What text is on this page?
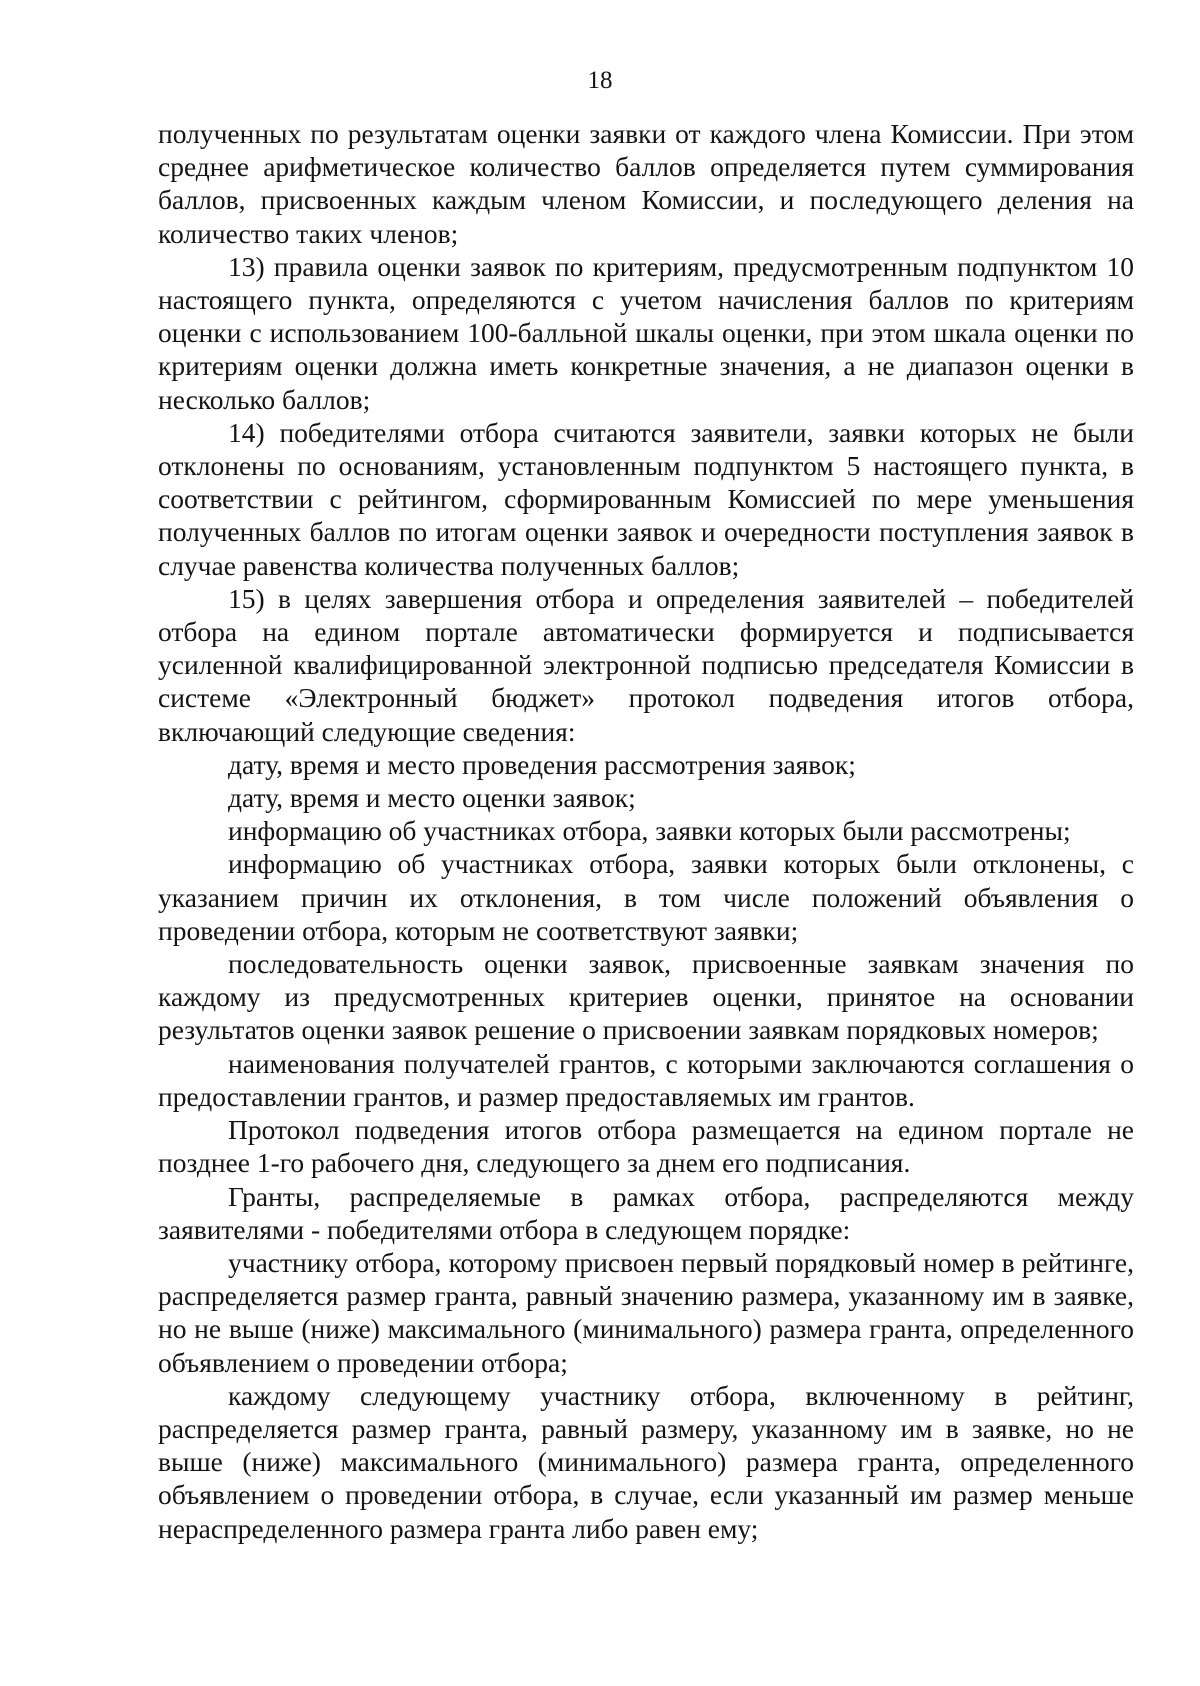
18

полученных по результатам оценки заявки от каждого члена Комиссии. При этом среднее арифметическое количество баллов определяется путем суммирования баллов, присвоенных каждым членом Комиссии, и последующего деления на количество таких членов;

13) правила оценки заявок по критериям, предусмотренным подпунктом 10 настоящего пункта, определяются с учетом начисления баллов по критериям оценки с использованием 100-балльной шкалы оценки, при этом шкала оценки по критериям оценки должна иметь конкретные значения, а не диапазон оценки в несколько баллов;

14) победителями отбора считаются заявители, заявки которых не были отклонены по основаниям, установленным подпунктом 5 настоящего пункта, в соответствии с рейтингом, сформированным Комиссией по мере уменьшения полученных баллов по итогам оценки заявок и очередности поступления заявок в случае равенства количества полученных баллов;

15) в целях завершения отбора и определения заявителей – победителей отбора на едином портале автоматически формируется и подписывается усиленной квалифицированной электронной подписью председателя Комиссии в системе «Электронный бюджет» протокол подведения итогов отбора, включающий следующие сведения:

дату, время и место проведения рассмотрения заявок;

дату, время и место оценки заявок;

информацию об участниках отбора, заявки которых были рассмотрены;

информацию об участниках отбора, заявки которых были отклонены, с указанием причин их отклонения, в том числе положений объявления о проведении отбора, которым не соответствуют заявки;

последовательность оценки заявок, присвоенные заявкам значения по каждому из предусмотренных критериев оценки, принятое на основании результатов оценки заявок решение о присвоении заявкам порядковых номеров;

наименования получателей грантов, с которыми заключаются соглашения о предоставлении грантов, и размер предоставляемых им грантов.

Протокол подведения итогов отбора размещается на едином портале не позднее 1-го рабочего дня, следующего за днем его подписания.

Гранты, распределяемые в рамках отбора, распределяются между заявителями - победителями отбора в следующем порядке:

участнику отбора, которому присвоен первый порядковый номер в рейтинге, распределяется размер гранта, равный значению размера, указанному им в заявке, но не выше (ниже) максимального (минимального) размера гранта, определенного объявлением о проведении отбора;

каждому следующему участнику отбора, включенному в рейтинг, распределяется размер гранта, равный размеру, указанному им в заявке, но не выше (ниже) максимального (минимального) размера гранта, определенного объявлением о проведении отбора, в случае, если указанный им размер меньше нераспределенного размера гранта либо равен ему;
